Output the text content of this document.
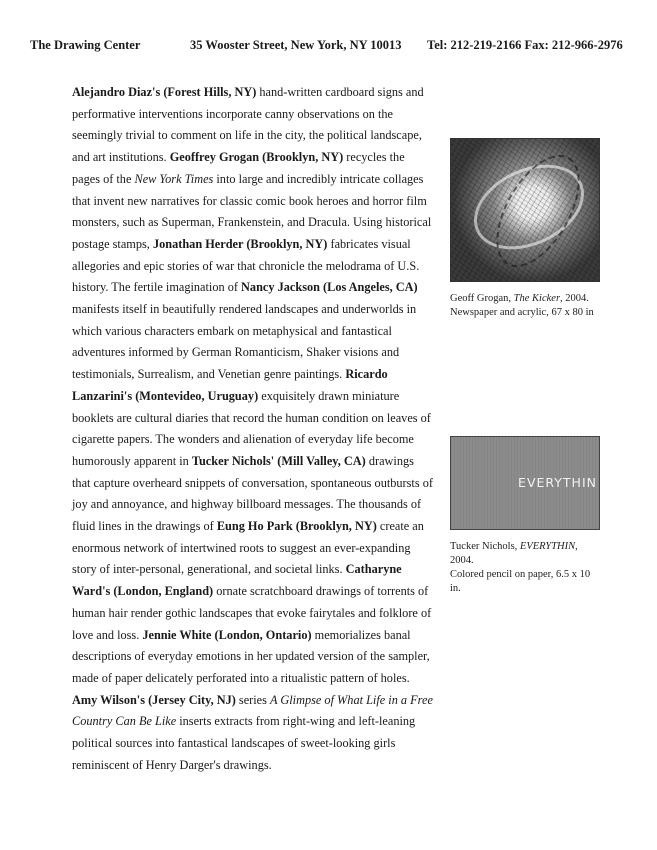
The Drawing Center	35 Wooster Street, New York, NY 10013 Tel: 212-219-2166 Fax: 212-966-2976
Alejandro Diaz's (Forest Hills, NY) hand-written cardboard signs and performative interventions incorporate canny observations on the seemingly trivial to comment on life in the city, the political landscape, and art institutions. Geoffrey Grogan (Brooklyn, NY) recycles the pages of the New York Times into large and incredibly intricate collages that invent new narratives for classic comic book heroes and horror film monsters, such as Superman, Frankenstein, and Dracula. Using historical postage stamps, Jonathan Herder (Brooklyn, NY) fabricates visual allegories and epic stories of war that chronicle the melodrama of U.S. history. The fertile imagination of Nancy Jackson (Los Angeles, CA) manifests itself in beautifully rendered landscapes and underworlds in which various characters embark on metaphysical and fantastical adventures informed by German Romanticism, Shaker visions and testimonials, Surrealism, and Venetian genre paintings. Ricardo Lanzarini's (Montevideo, Uruguay) exquisitely drawn miniature booklets are cultural diaries that record the human condition on leaves of cigarette papers. The wonders and alienation of everyday life become humorously apparent in Tucker Nichols' (Mill Valley, CA) drawings that capture overheard snippets of conversation, spontaneous outbursts of joy and annoyance, and highway billboard messages. The thousands of fluid lines in the drawings of Eung Ho Park (Brooklyn, NY) create an enormous network of intertwined roots to suggest an ever-expanding story of inter-personal, generational, and societal links. Catharyne Ward's (London, England) ornate scratchboard drawings of torrents of human hair render gothic landscapes that evoke fairytales and folklore of love and loss. Jennie White (London, Ontario) memorializes banal descriptions of everyday emotions in her updated version of the sampler, made of paper delicately perforated into a ritualistic pattern of holes. Amy Wilson's (Jersey City, NJ) series A Glimpse of What Life in a Free Country Can Be Like inserts extracts from right-wing and left-leaning political sources into fantastical landscapes of sweet-looking girls reminiscent of Henry Darger's drawings.
Geoff Grogan, The Kicker, 2004.
Newspaper and acrylic, 67 x 80 in
EVERYTHIN
Tucker Nichols, EVERYTHIN, 2004.
Colored pencil on paper, 6.5 x 10 in.
